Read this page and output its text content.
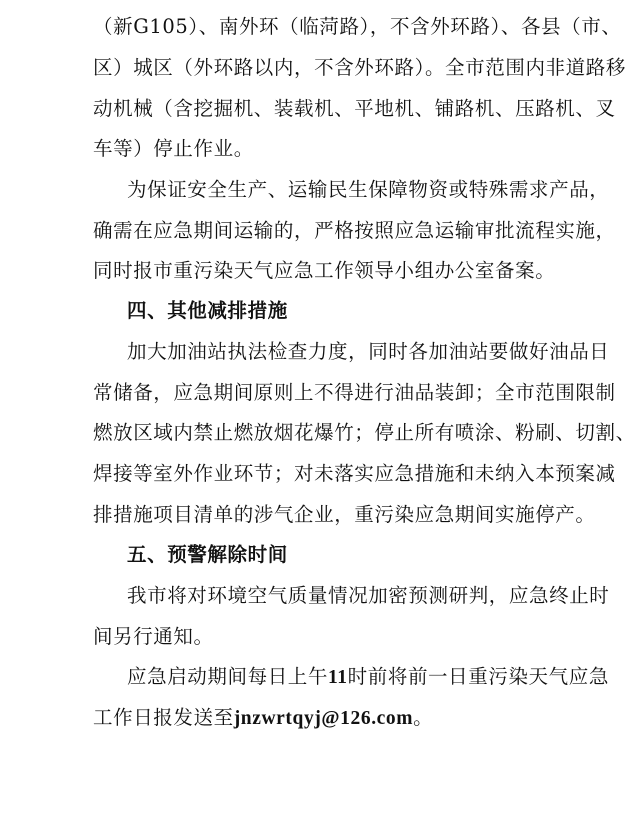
（新G105）、南外环（临菏路），不含外环路）、各县（市、
区）城区（外环路以内，不含外环路）。全市范围内非道路移
动机械（含挖掘机、装载机、平地机、铺路机、压路机、叉
车等）停止作业。
为保证安全生产、运输民生保障物资或特殊需求产品，
确需在应急期间运输的，严格按照应急运输审批流程实施，
同时报市重污染天气应急工作领导小组办公室备案。
四、其他减排措施
加大加油站执法检查力度，同时各加油站要做好油品日
常储备，应急期间原则上不得进行油品装卸；全市范围限制
燃放区域内禁止燃放烟花爆竹；停止所有喷涂、粉刷、切割、
焊接等室外作业环节；对未落实应急措施和未纳入本预案减
排措施项目清单的涉气企业，重污染应急期间实施停产。
五、预警解除时间
我市将对环境空气质量情况加密预测研判，应急终止时
间另行通知。
应急启动期间每日上午11时前将前一日重污染天气应急
工作日报发送至jnzwrtqyj@126.com。
